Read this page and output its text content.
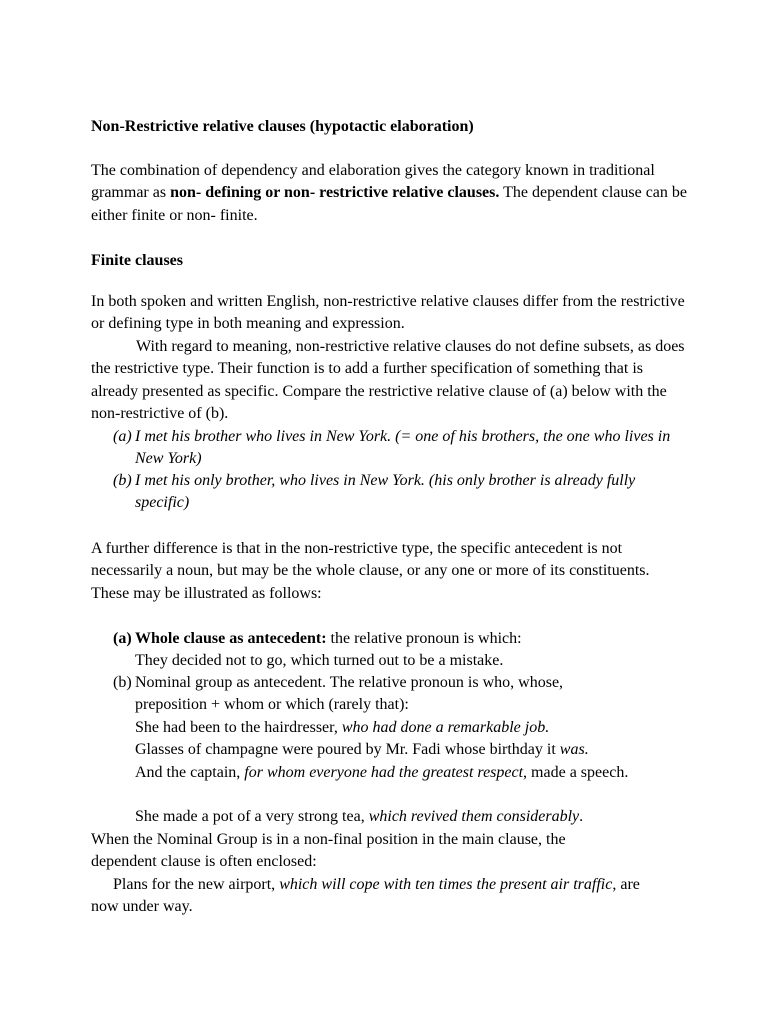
Non-Restrictive relative clauses (hypotactic elaboration)

The combination of dependency and elaboration gives the category known in traditional grammar as non- defining or non- restrictive relative clauses. The dependent clause can be either finite or non- finite.

Finite clauses

In both spoken and written English, non-restrictive relative clauses differ from the restrictive or defining type in both meaning and expression.

With regard to meaning, non-restrictive relative clauses do not define subsets, as does the restrictive type. Their function is to add a further specification of something that is already presented as specific. Compare the restrictive relative clause of (a) below with the non-restrictive of (b).

(a) I met his brother who lives in New York. (= one of his brothers, the one who lives in New York)
(b) I met his only brother, who lives in New York. (his only brother is already fully specific)

A further difference is that in the non-restrictive type, the specific antecedent is not necessarily a noun, but may be the whole clause, or any one or more of its constituents. These may be illustrated as follows:

(a) Whole clause as antecedent: the relative pronoun is which:

They decided not to go, which turned out to be a mistake.

(b) Nominal group as antecedent. The relative pronoun is who, whose, preposition + whom or which (rarely that):

She had been to the hairdresser, who had done a remarkable job.

Glasses of champagne were poured by Mr. Fadi whose birthday it was.

And the captain, for whom everyone had the greatest respect, made a speech.

She made a pot of a very strong tea, which revived them considerably.

When the Nominal Group is in a non-final position in the main clause, the dependent clause is often enclosed:

Plans for the new airport, which will cope with ten times the present air traffic, are now under way.
